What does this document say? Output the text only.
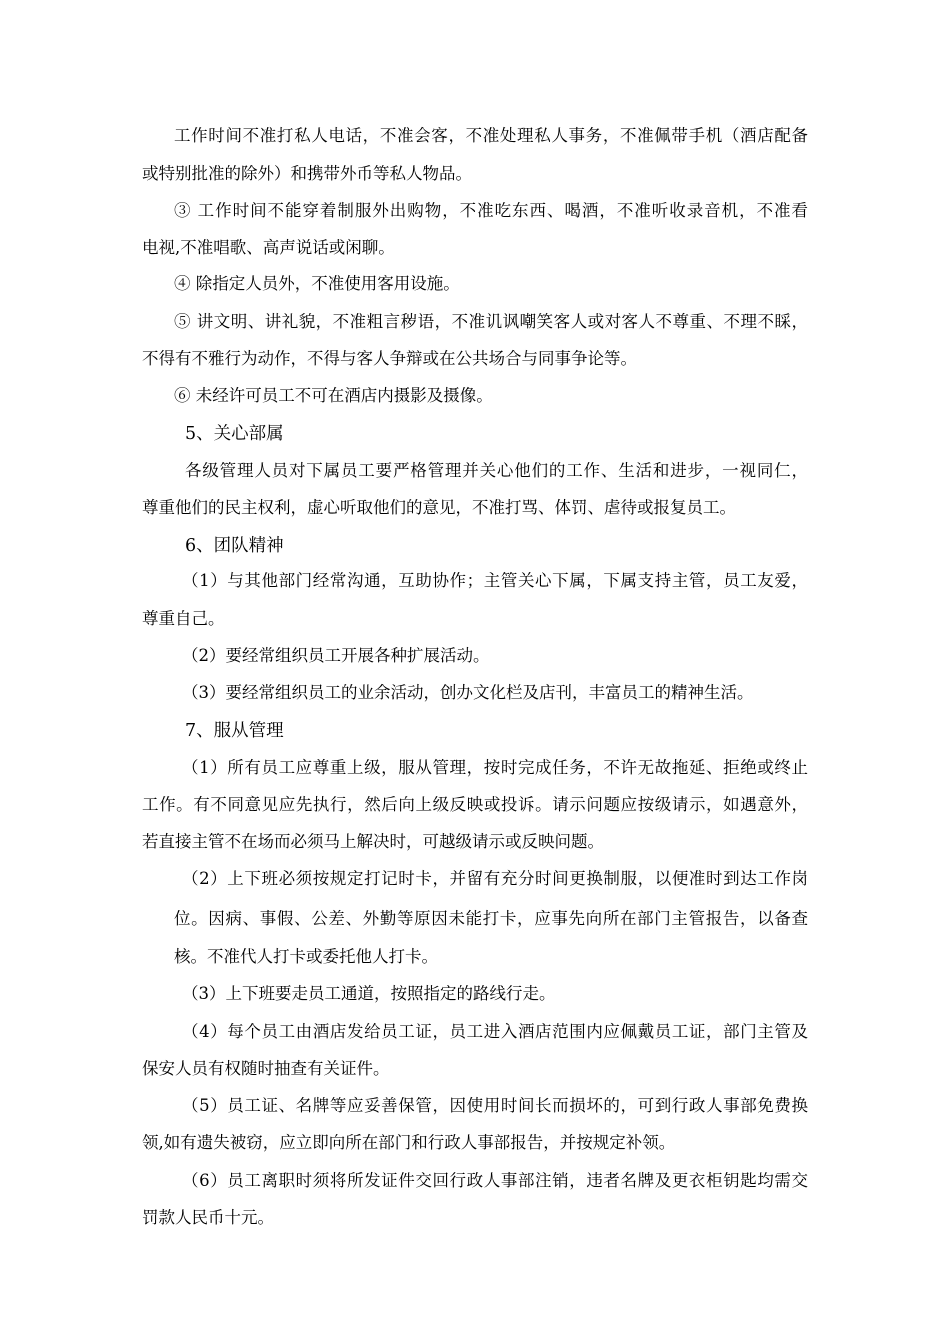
工作时间不准打私人电话，不准会客，不准处理私人事务，不准佩带手机（酒店配备
或特别批准的除外）和携带外币等私人物品。
③ 工作时间不能穿着制服外出购物，不准吃东西、喝酒，不准听收录音机，不准看
电视,不准唱歌、高声说话或闲聊。
④ 除指定人员外，不准使用客用设施。
⑤ 讲文明、讲礼貌，不准粗言秽语，不准讥讽嘲笑客人或对客人不尊重、不理不睬，
不得有不雅行为动作，不得与客人争辩或在公共场合与同事争论等。
⑥ 未经许可员工不可在酒店内摄影及摄像。
5、关心部属
各级管理人员对下属员工要严格管理并关心他们的工作、生活和进步，一视同仁，
尊重他们的民主权利，虚心听取他们的意见，不准打骂、体罚、虐待或报复员工。
6、团队精神
（1）与其他部门经常沟通，互助协作；主管关心下属，下属支持主管，员工友爱，
尊重自己。
（2）要经常组织员工开展各种扩展活动。
（3）要经常组织员工的业余活动，创办文化栏及店刊，丰富员工的精神生活。
7、服从管理
（1）所有员工应尊重上级，服从管理，按时完成任务，不许无故拖延、拒绝或终止
工作。有不同意见应先执行，然后向上级反映或投诉。请示问题应按级请示，如遇意外，
若直接主管不在场而必须马上解决时，可越级请示或反映问题。
（2）上下班必须按规定打记时卡，并留有充分时间更换制服，以便准时到达工作岗
位。因病、事假、公差、外勤等原因未能打卡，应事先向所在部门主管报告，以备查
核。不准代人打卡或委托他人打卡。
（3）上下班要走员工通道，按照指定的路线行走。
（4）每个员工由酒店发给员工证，员工进入酒店范围内应佩戴员工证，部门主管及
保安人员有权随时抽查有关证件。
（5）员工证、名牌等应妥善保管，因使用时间长而损坏的，可到行政人事部免费换
领,如有遗失被窃，应立即向所在部门和行政人事部报告，并按规定补领。
（6）员工离职时须将所发证件交回行政人事部注销，违者名牌及更衣柜钥匙均需交
罚款人民币十元。
